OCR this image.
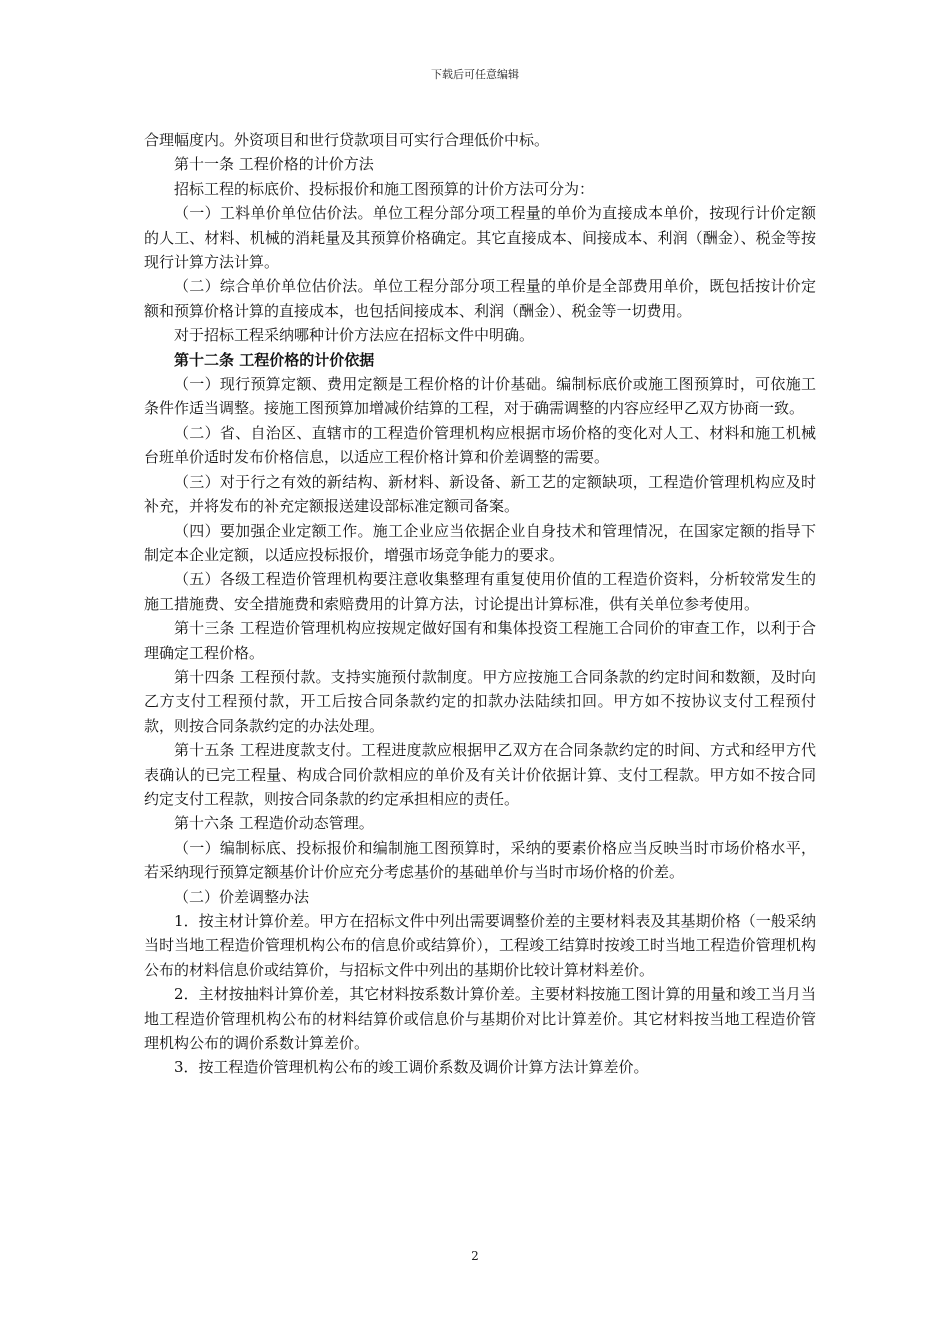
下载后可任意编辑

合理幅度内。外资项目和世行贷款项目可实行合理低价中标。

第十一条 工程价格的计价方法

招标工程的标底价、投标报价和施工图预算的计价方法可分为：

（一）工料单价单位估价法。单位工程分部分项工程量的单价为直接成本单价，按现行计价定额的人工、材料、机械的消耗量及其预算价格确定。其它直接成本、间接成本、利润（酬金）、税金等按现行计算方法计算。

（二）综合单价单位估价法。单位工程分部分项工程量的单价是全部费用单价，既包括按计价定额和预算价格计算的直接成本，也包括间接成本、利润（酬金）、税金等一切费用。

对于招标工程采纳哪种计价方法应在招标文件中明确。

第十二条 工程价格的计价依据

（一）现行预算定额、费用定额是工程价格的计价基础。编制标底价或施工图预算时，可依施工条件作适当调整。接施工图预算加增减价结算的工程，对于确需调整的内容应经甲乙双方协商一致。

（二）省、自治区、直辖市的工程造价管理机构应根据市场价格的变化对人工、材料和施工机械台班单价适时发布价格信息，以适应工程价格计算和价差调整的需要。

（三）对于行之有效的新结构、新材料、新设备、新工艺的定额缺项，工程造价管理机构应及时补充，并将发布的补充定额报送建设部标准定额司备案。

（四）要加强企业定额工作。施工企业应当依据企业自身技术和管理情况，在国家定额的指导下制定本企业定额，以适应投标报价，增强市场竞争能力的要求。

（五）各级工程造价管理机构要注意收集整理有重复使用价值的工程造价资料，分析较常发生的施工措施费、安全措施费和索赔费用的计算方法，讨论提出计算标准，供有关单位参考使用。

第十三条 工程造价管理机构应按规定做好国有和集体投资工程施工合同价的审查工作，以利于合理确定工程价格。

第十四条 工程预付款。支持实施预付款制度。甲方应按施工合同条款的约定时间和数额，及时向乙方支付工程预付款，开工后按合同条款约定的扣款办法陆续扣回。甲方如不按协议支付工程预付款，则按合同条款约定的办法处理。

第十五条 工程进度款支付。工程进度款应根据甲乙双方在合同条款约定的时间、方式和经甲方代表确认的已完工程量、构成合同价款相应的单价及有关计价依据计算、支付工程款。甲方如不按合同约定支付工程款，则按合同条款的约定承担相应的责任。

第十六条 工程造价动态管理。

（一）编制标底、投标报价和编制施工图预算时，采纳的要素价格应当反映当时市场价格水平，若采纳现行预算定额基价计价应充分考虑基价的基础单价与当时市场价格的价差。

（二）价差调整办法

1．按主材计算价差。甲方在招标文件中列出需要调整价差的主要材料表及其基期价格（一般采纳当时当地工程造价管理机构公布的信息价或结算价），工程竣工结算时按竣工时当地工程造价管理机构公布的材料信息价或结算价，与招标文件中列出的基期价比较计算材料差价。

2．主材按抽料计算价差，其它材料按系数计算价差。主要材料按施工图计算的用量和竣工当月当地工程造价管理机构公布的材料结算价或信息价与基期价对比计算差价。其它材料按当地工程造价管理机构公布的调价系数计算差价。

3．按工程造价管理机构公布的竣工调价系数及调价计算方法计算差价。

2
